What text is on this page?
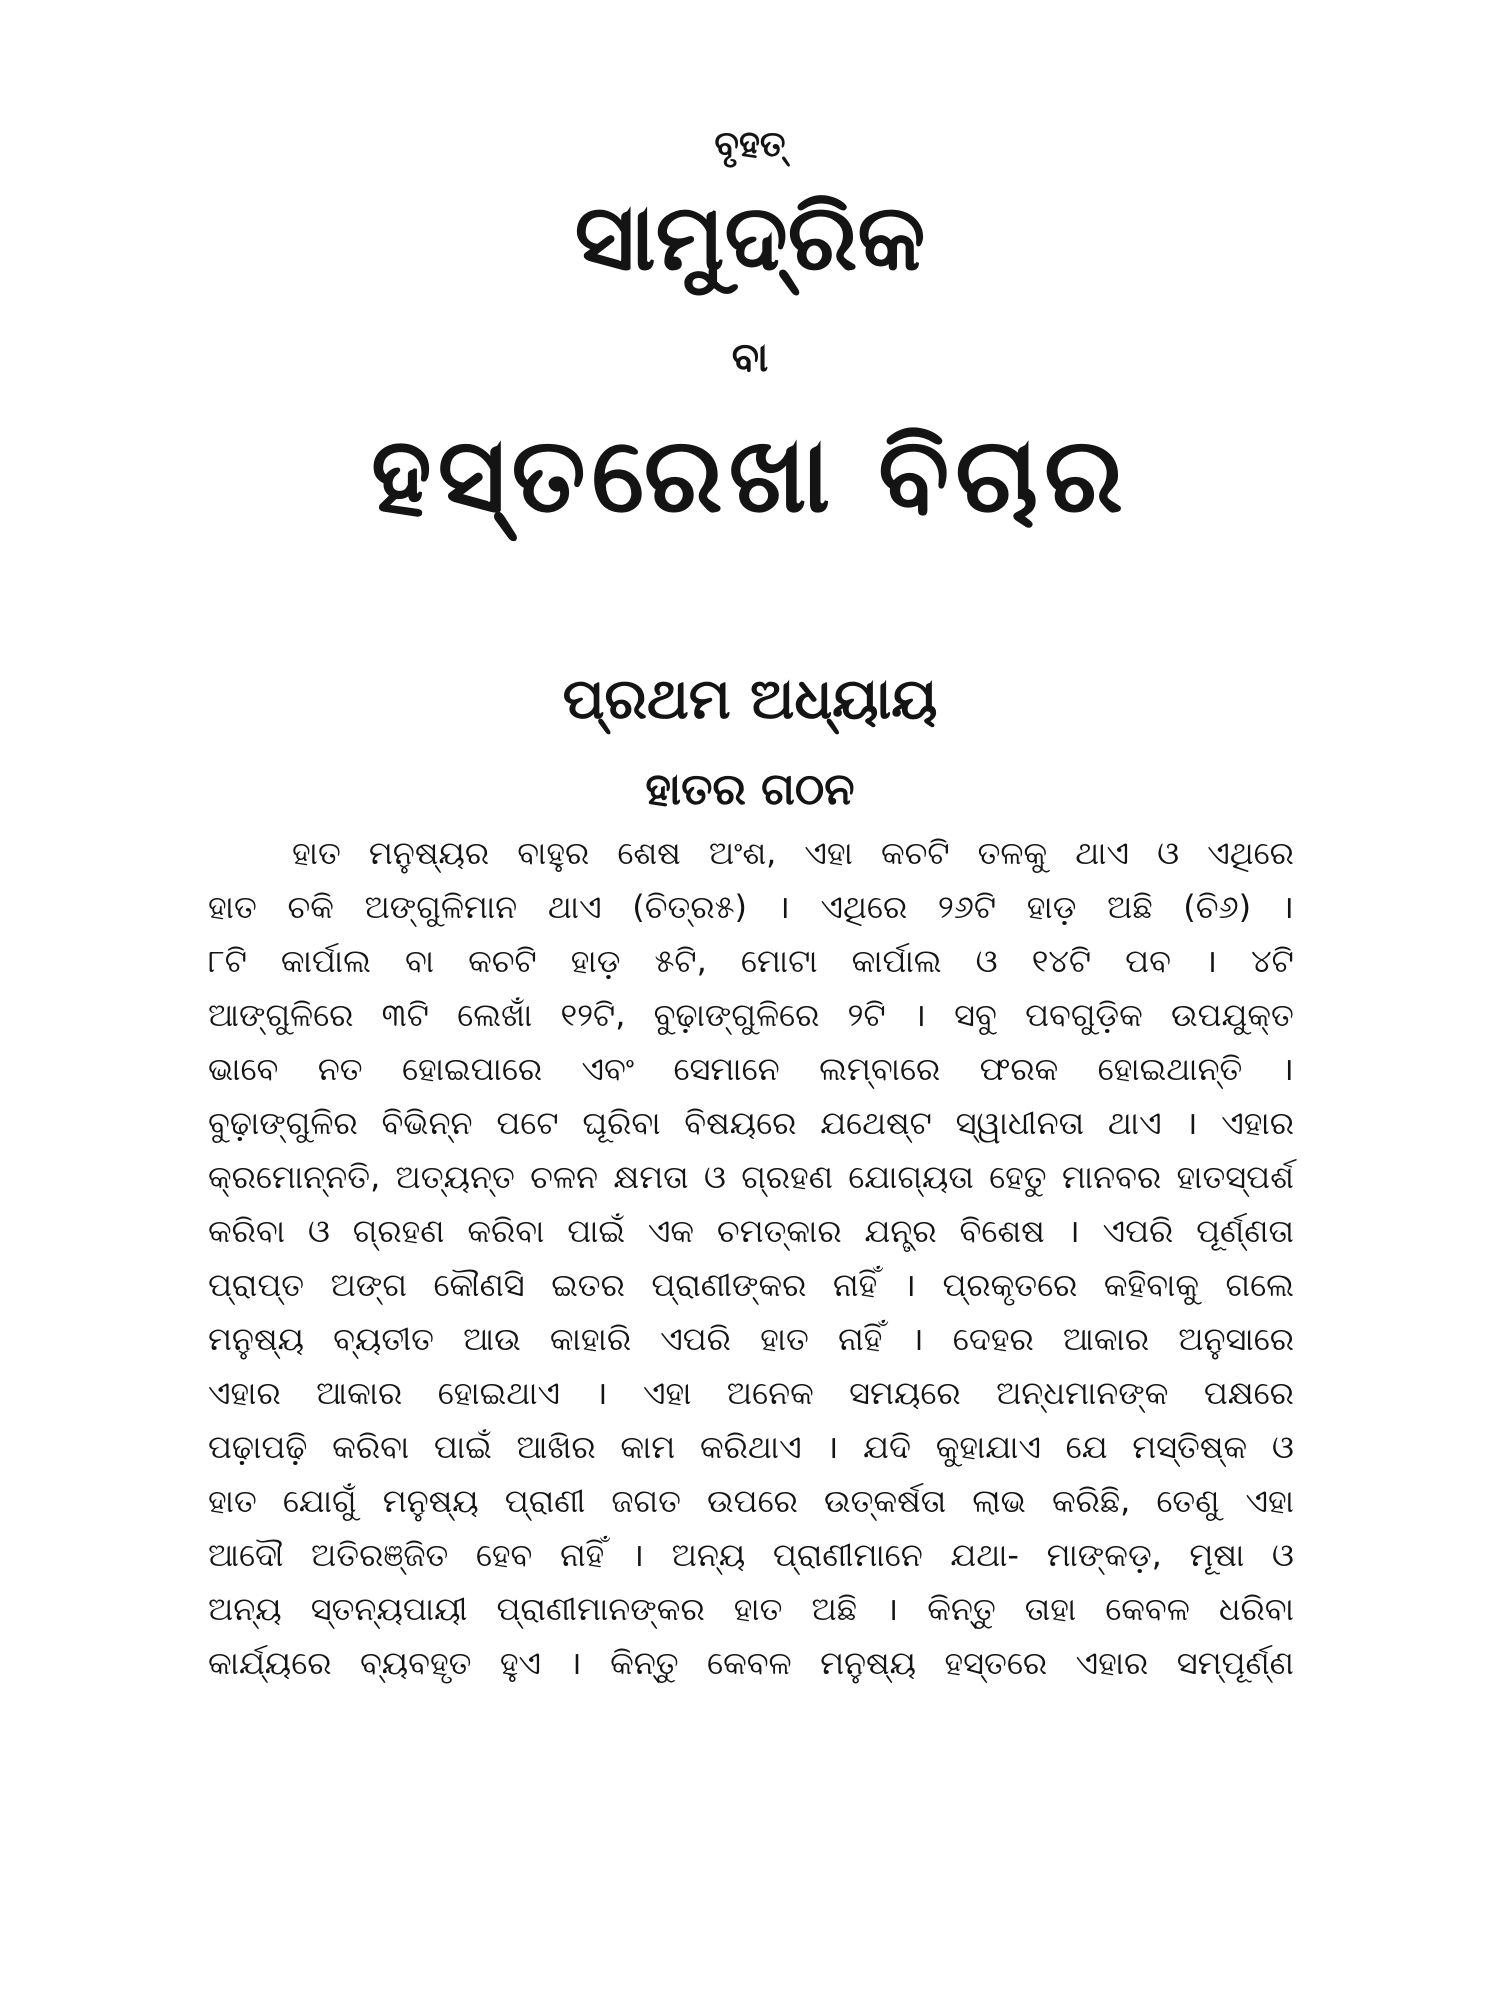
ବୃହତ୍
ସାମୁଦ୍ରିକ
ବା
ହସ୍ତରେଖା ବିଚାର
ପ୍ରଥମ ଅଧ୍ୟାୟ
ହାତର ଗଠନ
ହାତ ମନୁଷ୍ୟର ବାହୁର ଶେଷ ଅଂଶ, ଏହା କଚଟି ତଳକୁ ଥାଏ ଓ ଏଥିରେ
ହାତ ଚକି ଅଙ୍ଗୁଳିମାନ ଥାଏ (ଚିତ୍ର୫) । ଏଥିରେ ୨୬ଟି ହାଡ଼ ଅଛି (ଚି୬) ।
୮ଟି କାର୍ପାଲ ବା କଚଟି ହାଡ଼ ୫ଟି, ମୋଟା କାର୍ପାଲ ଓ ୧୪ଟି ପବ । ୪ଟି
ଆଙ୍ଗୁଳିରେ ୩ଟି ଲେଖାଁ ୧୨ଟି, ବୁଢ଼ାଙ୍ଗୁଳିରେ ୨ଟି । ସବୁ ପବଗୁଡ଼ିକ ଉପଯୁକ୍ତ
ଭାବେ ନତ ହୋଇପାରେ ଏବଂ ସେମାନେ ଲମ୍ବାରେ ଫରକ ହୋଇଥାନ୍ତି ।
ବୁଢ଼ାଙ୍ଗୁଳିର ବିଭିନ୍ନ ପଟେ ଘୂରିବା ବିଷୟରେ ଯଥେଷ୍ଟ ସ୍ୱାଧୀନତା ଥାଏ । ଏହାର
କ୍ରମୋନ୍ନତି, ଅତ୍ୟନ୍ତ ଚଳନ କ୍ଷମତା ଓ ଗ୍ରହଣ ଯୋଗ୍ୟତା ହେତୁ ମାନବର ହାତସ୍ପର୍ଶ
କରିବା ଓ ଗ୍ରହଣ କରିବା ପାଇଁ ଏକ ଚମତ୍କାର ଯନ୍ତ୍ର ବିଶେଷ । ଏପରି ପୂର୍ଣ୍ଣତା
ପ୍ରାପ୍ତ ଅଙ୍ଗ କୌଣସି ଇତର ପ୍ରାଣୀଙ୍କର ନାହିଁ । ପ୍ରକୃତରେ କହିବାକୁ ଗଲେ
ମନୁଷ୍ୟ ବ୍ୟତୀତ ଆଉ କାହାରି ଏପରି ହାତ ନାହିଁ । ଦେହର ଆକାର ଅନୁସାରେ
ଏହାର ଆକାର ହୋଇଥାଏ । ଏହା ଅନେକ ସମୟରେ ଅନ୍ଧମାନଙ୍କ ପକ୍ଷରେ
ପଢ଼ାପଢ଼ି କରିବା ପାଇଁ ଆଖିର କାମ କରିଥାଏ । ଯଦି କୁହାଯାଏ ଯେ ମସ୍ତିଷ୍କ ଓ
ହାତ ଯୋଗୁଁ ମନୁଷ୍ୟ ପ୍ରାଣୀ ଜଗତ ଉପରେ ଉତ୍କର୍ଷତା ଲାଭ କରିଛି, ତେଣୁ ଏହା
ଆଦୌ ଅତିରଞ୍ଜିତ ହେବ ନାହିଁ । ଅନ୍ୟ ପ୍ରାଣୀମାନେ ଯଥା- ମାଙ୍କଡ଼, ମୂଷା ଓ
ଅନ୍ୟ ସ୍ତନ୍ୟପାୟୀ ପ୍ରାଣୀମାନଙ୍କର ହାତ ଅଛି । କିନ୍ତୁ ତାହା କେବଳ ଧରିବା
କାର୍ଯ୍ୟରେ ବ୍ୟବହୃତ ହୁଏ । କିନ୍ତୁ କେବଳ ମନୁଷ୍ୟ ହସ୍ତରେ ଏହାର ସମ୍ପୂର୍ଣ୍ଣ
